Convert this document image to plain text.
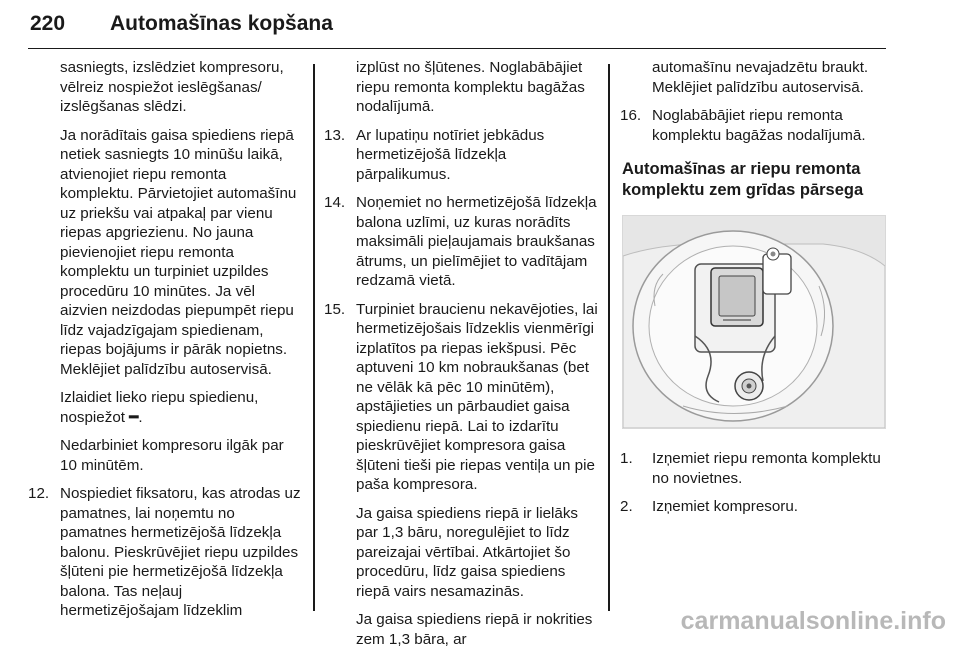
220 Automašīnas kopšana

sasniegts, izslēdziet kompresoru, vēlreiz nospiežot ieslēgšanas/ izslēgšanas slēdzi.

Ja norādītais gaisa spiediens riepā netiek sasniegts 10 minūšu laikā, atvienojiet riepu remonta komplektu. Pārvietojiet automašīnu uz priekšu vai atpakaļ par vienu riepas apgriezienu. No jauna pievienojiet riepu remonta komplektu un turpiniet uzpildes procedūru 10 minūtes. Ja vēl aizvien neizdodas piepumpēt riepu līdz vajadzīgajam spiedienam, riepas bojājums ir pārāk nopietns. Meklējiet palīdzību autoservisā.

Izlaidiet lieko riepu spiedienu, nospiežot ━.

Nedarbiniet kompresoru ilgāk par 10 minūtēm.

12. Nospiediet fiksatoru, kas atrodas uz pamatnes, lai noņemtu no pamatnes hermetizējošā līdzekļa balonu. Pieskrūvējiet riepu uzpildes šļūteni pie hermetizējošā līdzekļa balona. Tas neļauj hermetizējošajam līdzeklim

izplūst no šļūtenes. Noglabābājiet riepu remonta komplektu bagāžas nodalījumā.

13. Ar lupatiņu notīriet jebkādus hermetizējošā līdzekļa pārpalikumus.
14. Noņemiet no hermetizējošā līdzekļa balona uzlīmi, uz kuras norādīts maksimāli pieļaujamais braukšanas ātrums, un pielīmējiet to vadītājam redzamā vietā.
15. Turpiniet braucienu nekavējoties, lai hermetizējošais līdzeklis vienmērīgi izplatītos pa riepas iekšpusi. Pēc aptuveni 10 km nobraukšanas (bet ne vēlāk kā pēc 10 minūtēm), apstājieties un pārbaudiet gaisa spiedienu riepā. Lai to izdarītu pieskrūvējiet kompresora gaisa šļūteni tieši pie riepas ventiļa un pie paša kompresora.

Ja gaisa spiediens riepā ir lielāks par 1,3 bāru, noregulējiet to līdz pareizajai vērtībai. Atkārtojiet šo procedūru, līdz gaisa spiediens riepā vairs nesamazinās.

Ja gaisa spiediens riepā ir nokrities zem 1,3 bāra, ar

automašīnu nevajadzētu braukt. Meklējiet palīdzību autoservisā.

16. Noglabābājiet riepu remonta komplektu bagāžas nodalījumā.
Automašīnas ar riepu remonta komplektu zem grīdas pārsega
1. Izņemiet riepu remonta komplektu no novietnes.
2. Izņemiet kompresoru.
carmanualsonline.info
